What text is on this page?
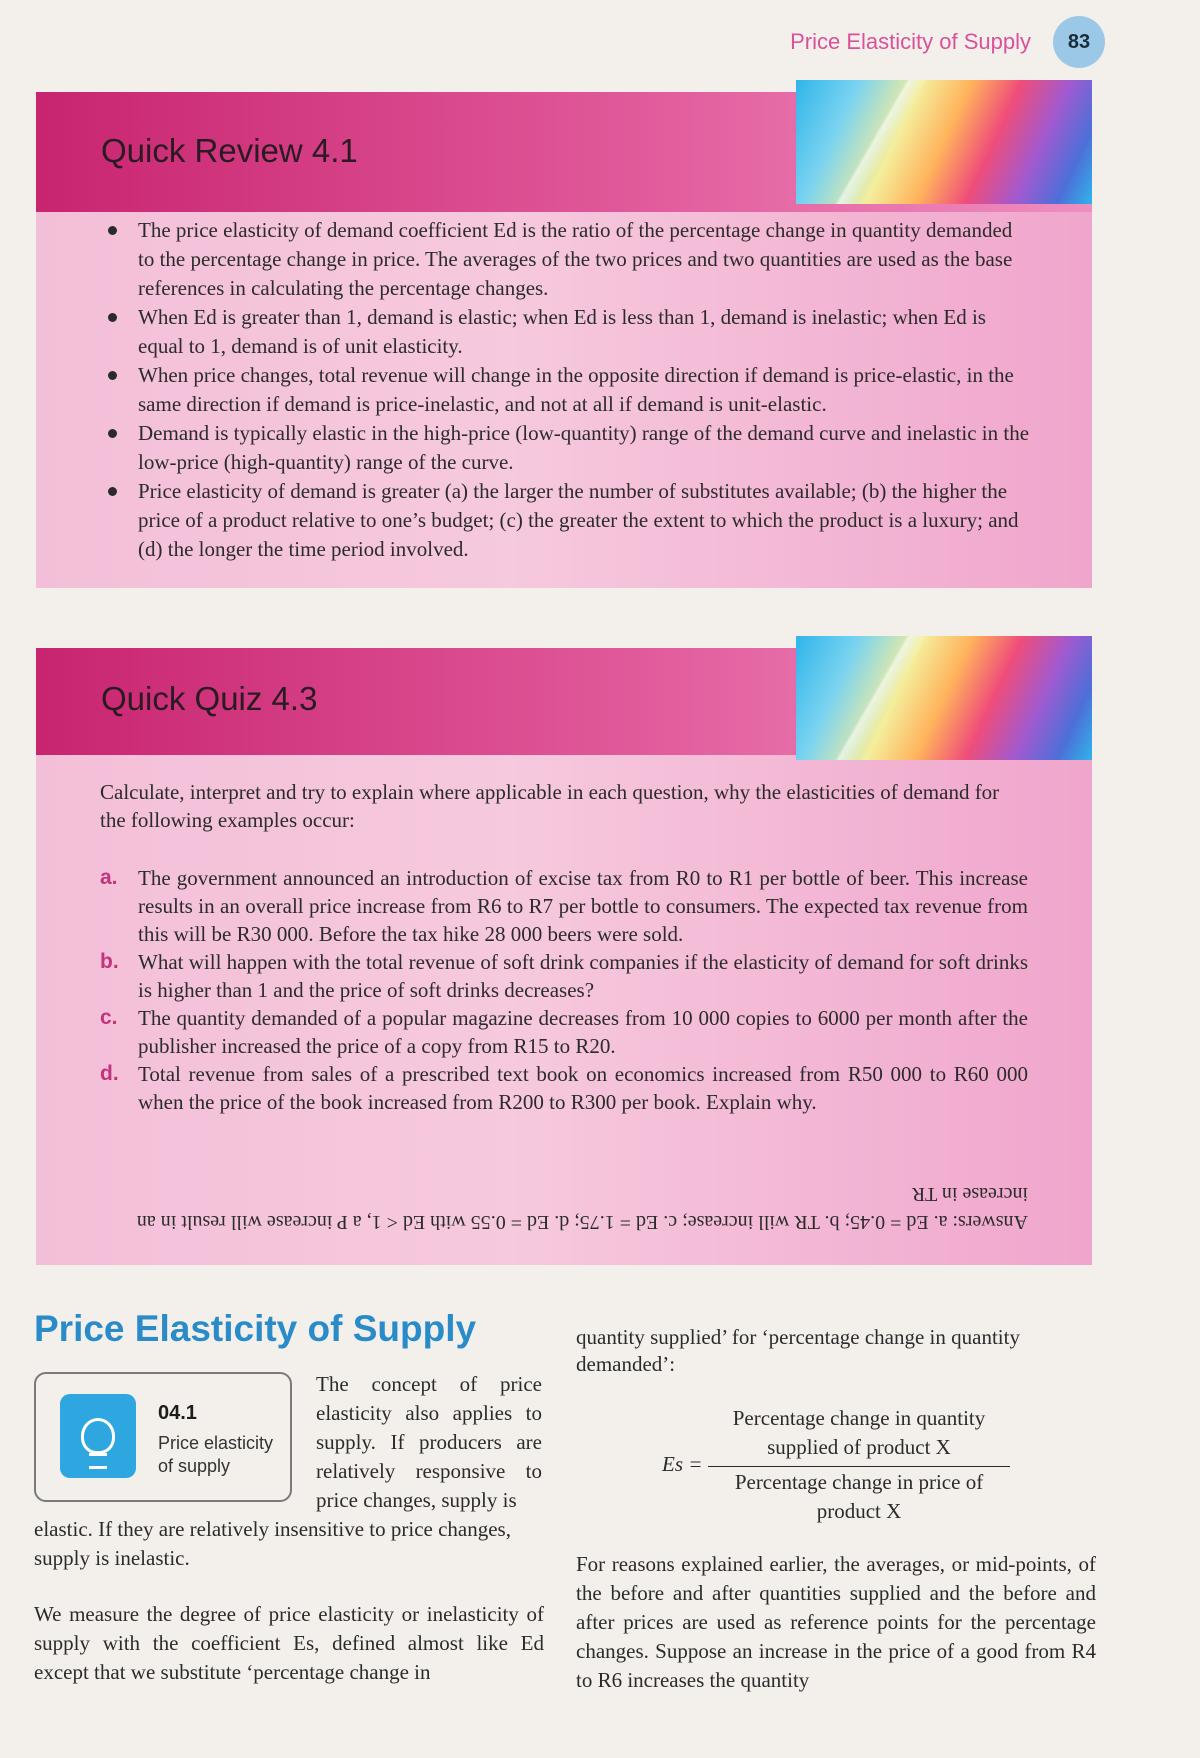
Price Elasticity of Supply	83
Quick Review 4.1
The price elasticity of demand coefficient Ed is the ratio of the percentage change in quantity demanded to the percentage change in price. The averages of the two prices and two quantities are used as the base references in calculating the percentage changes.
When Ed is greater than 1, demand is elastic; when Ed is less than 1, demand is inelastic; when Ed is equal to 1, demand is of unit elasticity.
When price changes, total revenue will change in the opposite direction if demand is price-elastic, in the same direction if demand is price-inelastic, and not at all if demand is unit-elastic.
Demand is typically elastic in the high-price (low-quantity) range of the demand curve and inelastic in the low-price (high-quantity) range of the curve.
Price elasticity of demand is greater (a) the larger the number of substitutes available; (b) the higher the price of a product relative to one’s budget; (c) the greater the extent to which the product is a luxury; and (d) the longer the time period involved.
Quick Quiz 4.3

Calculate, interpret and try to explain where applicable in each question, why the elasticities of demand for the following examples occur:

a. The government announced an introduction of excise tax from R0 to R1 per bottle of beer. This increase results in an overall price increase from R6 to R7 per bottle to consumers. The expected tax revenue from this will be R30 000. Before the tax hike 28 000 beers were sold.
b. What will happen with the total revenue of soft drink companies if the elasticity of demand for soft drinks is higher than 1 and the price of soft drinks decreases?
c. The quantity demanded of a popular magazine decreases from 10 000 copies to 6000 per month after the publisher increased the price of a copy from R15 to R20.
d. Total revenue from sales of a prescribed text book on economics increased from R50 000 to R60 000 when the price of the book increased from R200 to R300 per book. Explain why.

Answers: a. Ed = 0.45; b. TR will increase; c. Ed = 1.75; d. Ed = 0.55 with Ed < 1, a P increase will result in an increase in TR

Price Elasticity of Supply
04.1
Price elasticity of supply

The concept of price elasticity also applies to supply. If producers are relatively responsive to price changes, supply is

elastic. If they are relatively insensitive to price changes, supply is inelastic.

We measure the degree of price elasticity or inelasticity of supply with the coefficient Es, defined almost like Ed except that we substitute ‘percentage change in

quantity supplied’ for ‘percentage change in quantity demanded’:

Es =
Percentage change in quantity supplied of product X
Percentage change in price of product X

For reasons explained earlier, the averages, or mid-points, of the before and after quantities supplied and the before and after prices are used as reference points for the percentage changes. Suppose an increase in the price of a good from R4 to R6 increases the quantity
